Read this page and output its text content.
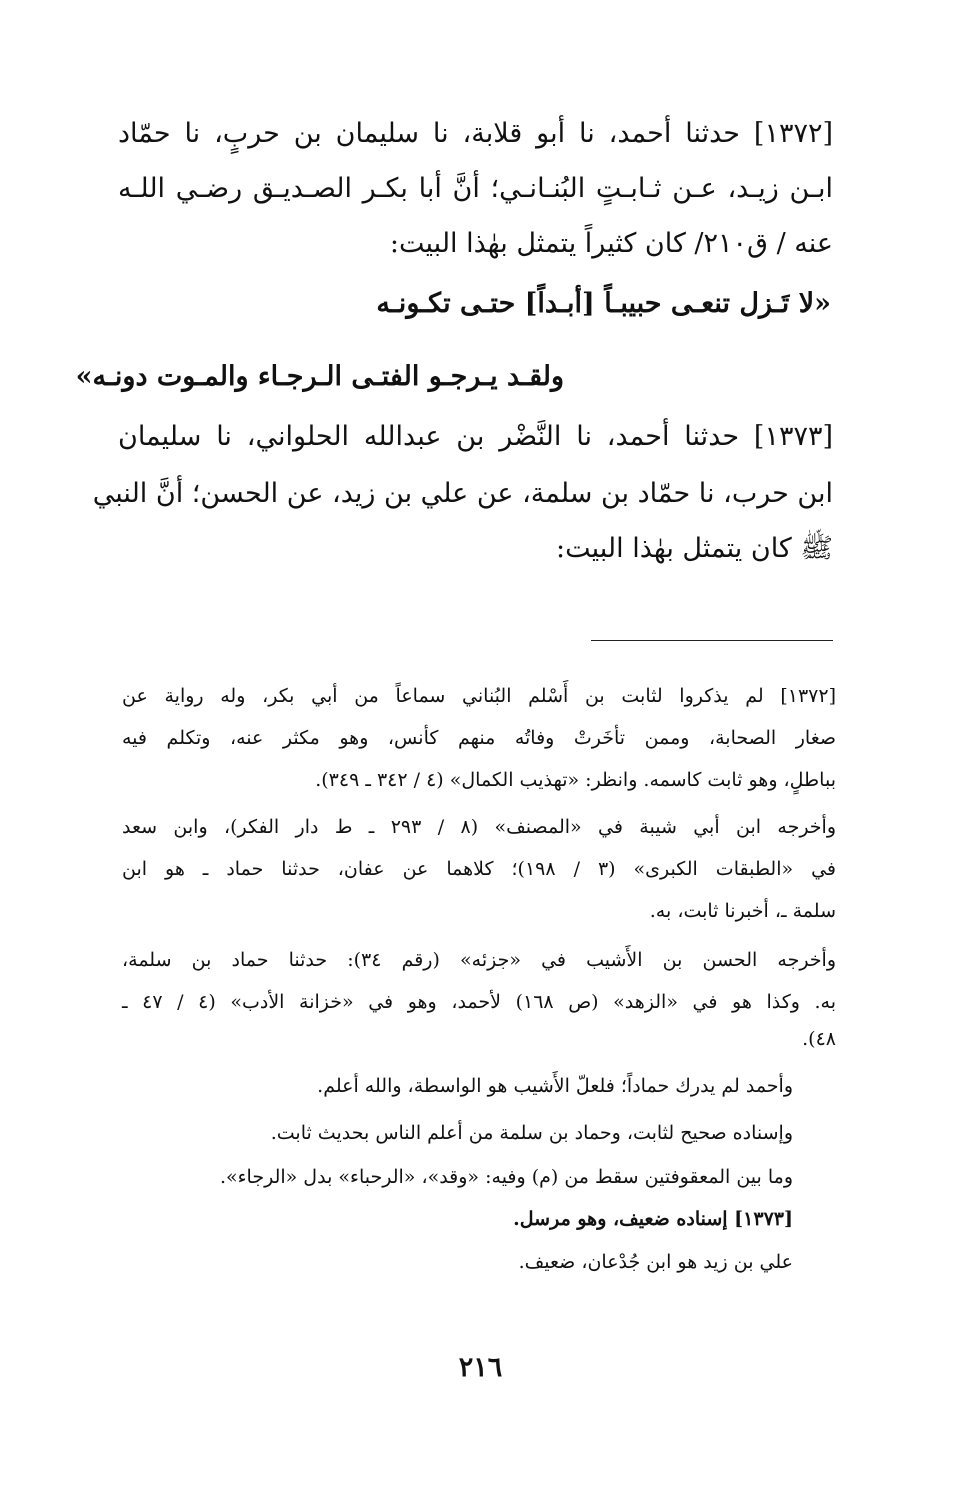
[١٣٧٢] حدثنا أحمد، نا أبو قلابة، نا سليمان بن حربٍ، نا حمّاد
ابـن زيـد، عـن ثـابـتٍ البُنـانـي؛ أنَّ أبا بكـر الصـديـق رضـي اللـه
عنه / ق٢١٠/ كان كثيراً يتمثل بهٰذا البيت:
«لا تَـزل تنعـى حبيبـاً [أبـداً] حتـى تكـونـه
ولقـد يـرجـو الفتـى الـرجـاء والمـوت دونـه»
[١٣٧٣] حدثنا أحمد، نا النَّضْر بن عبدالله الحلواني، نا سليمان
ابن حرب، نا حمّاد بن سلمة، عن علي بن زيد، عن الحسن؛ أنَّ النبي
ﷺ كان يتمثل بهٰذا البيت:
[١٣٧٢] لم يذكروا لثابت بن أَسْلم البُناني سماعاً من أبي بكر، وله رواية عن
صغار الصحابة، وممن تأخَرتْ وفاتُه منهم كأنس، وهو مكثر عنه، وتكلم فيه
بباطلٍ، وهو ثابت كاسمه. وانظر: «تهذيب الكمال» (٤ / ٣٤٢ ـ ٣٤٩).
وأخرجه ابن أبي شيبة في «المصنف» (٨ / ٢٩٣ ـ ط دار الفكر)، وابن سعد
في «الطبقات الكبرى» (٣ / ١٩٨)؛ كلاهما عن عفان، حدثنا حماد ـ هو ابن
سلمة ـ، أخبرنا ثابت، به.
وأخرجه الحسن بن الأَشيب في «جزئه» (رقم ٣٤): حدثنا حماد بن سلمة،
به. وكذا هو في «الزهد» (ص ١٦٨) لأحمد، وهو في «خزانة الأدب» (٤ / ٤٧ ـ
٤٨).
وأحمد لم يدرك حماداً؛ فلعلّ الأَشيب هو الواسطة، والله أعلم.
وإسناده صحيح لثابت، وحماد بن سلمة من أعلم الناس بحديث ثابت.
وما بين المعقوفتين سقط من (م) وفيه: «وقد»، «الرحباء» بدل «الرجاء».
[١٣٧٣] إسناده ضعيف، وهو مرسل.
علي بن زيد هو ابن جُدْعان، ضعيف.
٢١٦
